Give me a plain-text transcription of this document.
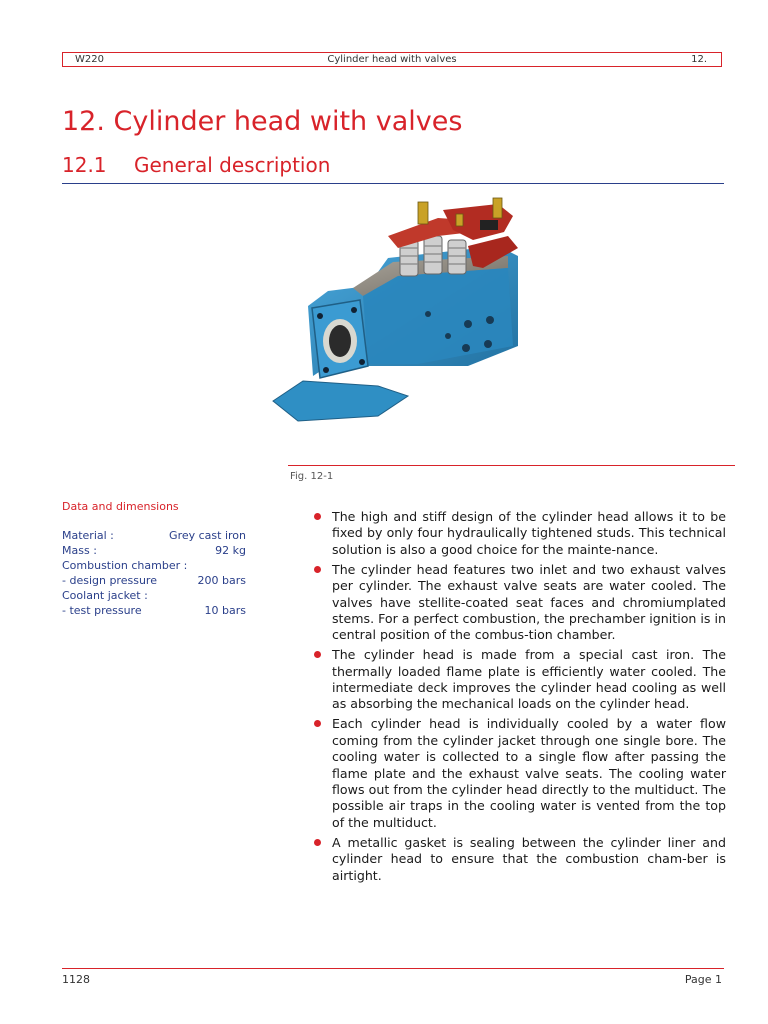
W220	Cylinder head with valves	12.
12. Cylinder head with valves
12.1 General description
Fig. 12-1
Data and dimensions
Material :	Grey cast iron
Mass :	92 kg
Combustion chamber :
- design pressure	200 bars
Coolant jacket :
- test pressure	10 bars
The high and stiff design of the cylinder head allows it to be fixed by only four hydraulically tightened studs. This technical solution is also a good choice for the mainte-nance.
The cylinder head features two inlet and two exhaust valves per cylinder. The exhaust valve seats are water cooled. The valves have stellite-coated seat faces and chromiumplated stems. For a perfect combustion, the prechamber ignition is in central position of the combus-tion chamber.
The cylinder head is made from a special cast iron. The thermally loaded flame plate is efficiently water cooled. The intermediate deck improves the cylinder head cooling as well as absorbing the mechanical loads on the cylinder head.
Each cylinder head is individually cooled by a water flow coming from the cylinder jacket through one single bore. The cooling water is collected to a single flow after passing the flame plate and the exhaust valve seats. The cooling water flows out from the cylinder head directly to the multiduct. The possible air traps in the cooling water is vented from the top of the multiduct.
A metallic gasket is sealing between the cylinder liner and cylinder head to ensure that the combustion cham-ber is airtight.
1128	Page 1
